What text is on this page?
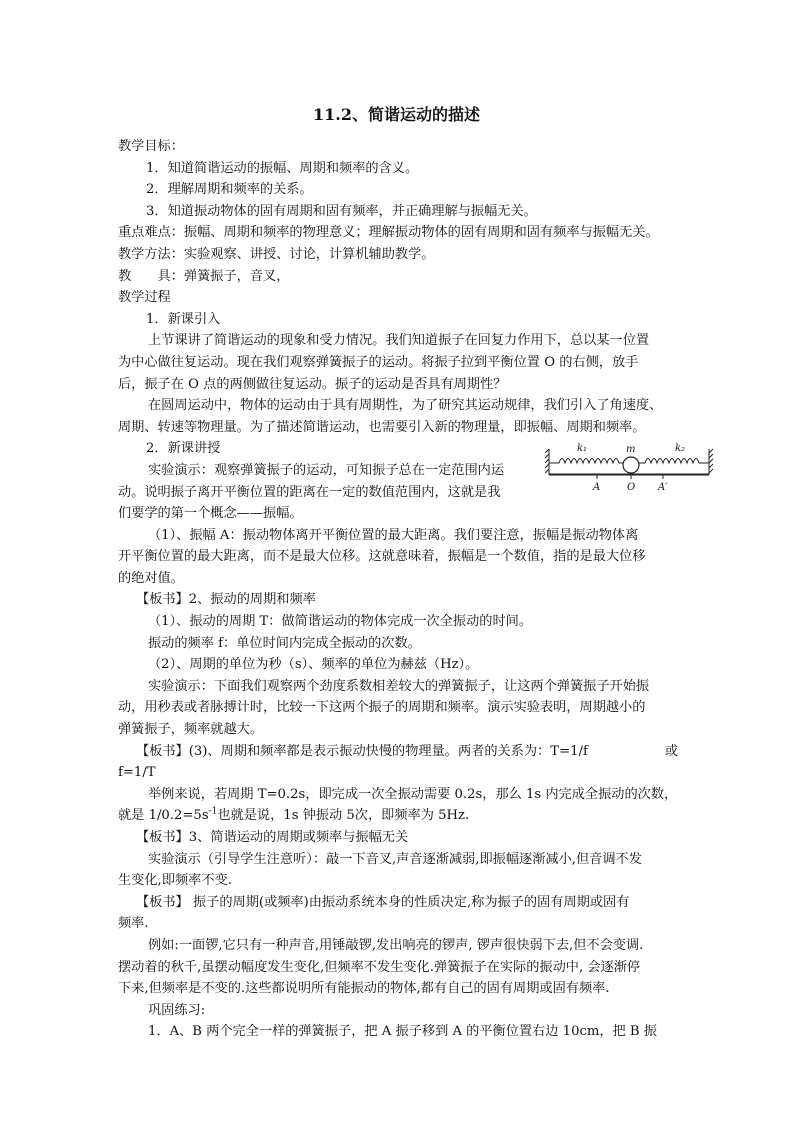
11.2、简谐运动的描述
教学目标：
1．知道简谐运动的振幅、周期和频率的含义。
2．理解周期和频率的关系。
3．知道振动物体的固有周期和固有频率，并正确理解与振幅无关。
重点难点：振幅、周期和频率的物理意义；理解振动物体的固有周期和固有频率与振幅无关。
教学方法：实验观察、讲授、讨论，计算机辅助教学。
教　　具：弹簧振子，音叉，
教学过程
1．新课引入
上节课讲了简谐运动的现象和受力情况。我们知道振子在回复力作用下，总以某一位置
为中心做往复运动。现在我们观察弹簧振子的运动。将振子拉到平衡位置 O 的右侧，放手
后，振子在 O 点的两侧做往复运动。振子的运动是否具有周期性？
在圆周运动中，物体的运动由于具有周期性，为了研究其运动规律，我们引入了角速度、
周期、转速等物理量。为了描述简谐运动，也需要引入新的物理量，即振幅、周期和频率。
2．新课讲授
实验演示：观察弹簧振子的运动，可知振子总在一定范围内运
动。说明振子离开平衡位置的距离在一定的数值范围内，这就是我
们要学的第一个概念——振幅。
（1）、振幅 A：振动物体离开平衡位置的最大距离。我们要注意，振幅是振动物体离
开平衡位置的最大距离，而不是最大位移。这就意味着，振幅是一个数值，指的是最大位移
的绝对值。
【板书】2、振动的周期和频率
（1）、振动的周期 T：做简谐运动的物体完成一次全振动的时间。
振动的频率 f：单位时间内完成全振动的次数。
（2）、周期的单位为秒（s）、频率的单位为赫兹（Hz）。
实验演示：下面我们观察两个劲度系数相差较大的弹簧振子，让这两个弹簧振子开始振
动，用秒表或者脉搏计时，比较一下这两个振子的周期和频率。演示实验表明，周期越小的
弹簧振子，频率就越大。
【板书】(3)、周期和频率都是表示振动快慢的物理量。两者的关系为：T=1/f	或
f=1/T
举例来说，若周期 T=0.2s，即完成一次全振动需要 0.2s，那么 1s 内完成全振动的次数，
就是 $1/0.2=5s^{-1}$也就是说，1s 钟振动 5次，即频率为 5Hz.
【板书】3、简谐运动的周期或频率与振幅无关
实验演示（引导学生注意听）：敲一下音叉,声音逐渐减弱,即振幅逐渐减小,但音调不发
生变化,即频率不变.
【板书】 振子的周期(或频率)由振动系统本身的性质决定,称为振子的固有周期或固有
频率.
例如:一面锣,它只有一种声音,用锤敲锣,发出响亮的锣声, 锣声很快弱下去,但不会变调.
摆动着的秋千,虽摆动幅度发生变化,但频率不发生变化.弹簧振子在实际的振动中, 会逐渐停
下来,但频率是不变的.这些都说明所有能振动的物体,都有自己的固有周期或固有频率.
巩固练习:
1．A、B 两个完全一样的弹簧振子，把 A 振子移到 A 的平衡位置右边 10cm，把 B 振
k₁	m	k₂
A	O A′
